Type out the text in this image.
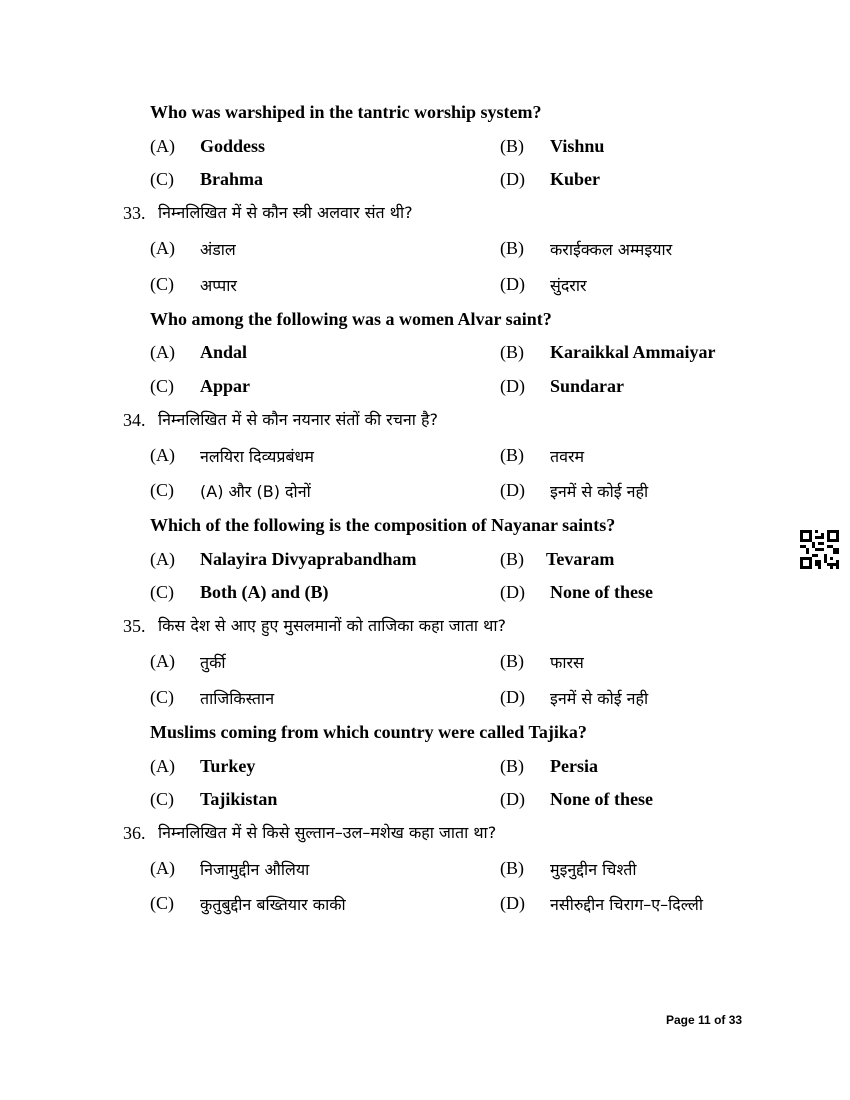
Who was warshiped in the tantric worship system?
(A) Goddess	(B) Vishnu
(C) Brahma	(D) Kuber
33. निम्नलिखित में से कौन स्त्री अलवार संत थी?
(A) अंडाल	(B) कराईक्कल अम्मइयार
(C) अप्पार	(D) सुंदरार
Who among the following was a women Alvar saint?
(A) Andal	(B) Karaikkal Ammaiyar
(C) Appar	(D) Sundarar
34. निम्नलिखित में से कौन नयनार संतों की रचना है?
(A) नलयिरा दिव्यप्रबंधम	(B) तवरम
(C) (A) और (B) दोनों	(D) इनमें से कोई नही
Which of the following is the composition of Nayanar saints?
(A) Nalayira Divyaprabandham	(B) Tevaram
(C) Both (A) and (B)	(D) None of these
35. किस देश से आए हुए मुसलमानों को ताजिका कहा जाता था?
(A) तुर्की	(B) फारस
(C) ताजिकिस्तान	(D) इनमें से कोई नही
Muslims coming from which country were called Tajika?
(A) Turkey	(B) Persia
(C) Tajikistan	(D) None of these
36. निम्नलिखित में से किसे सुल्तान–उल–मशेख कहा जाता था?
(A) निजामुद्दीन औलिया	(B) मुइनुद्दीन चिश्ती
(C) कुतुबुद्दीन बख्तियार काकी	(D) नसीरुद्दीन चिराग–ए–दिल्ली
Page 11 of 33
